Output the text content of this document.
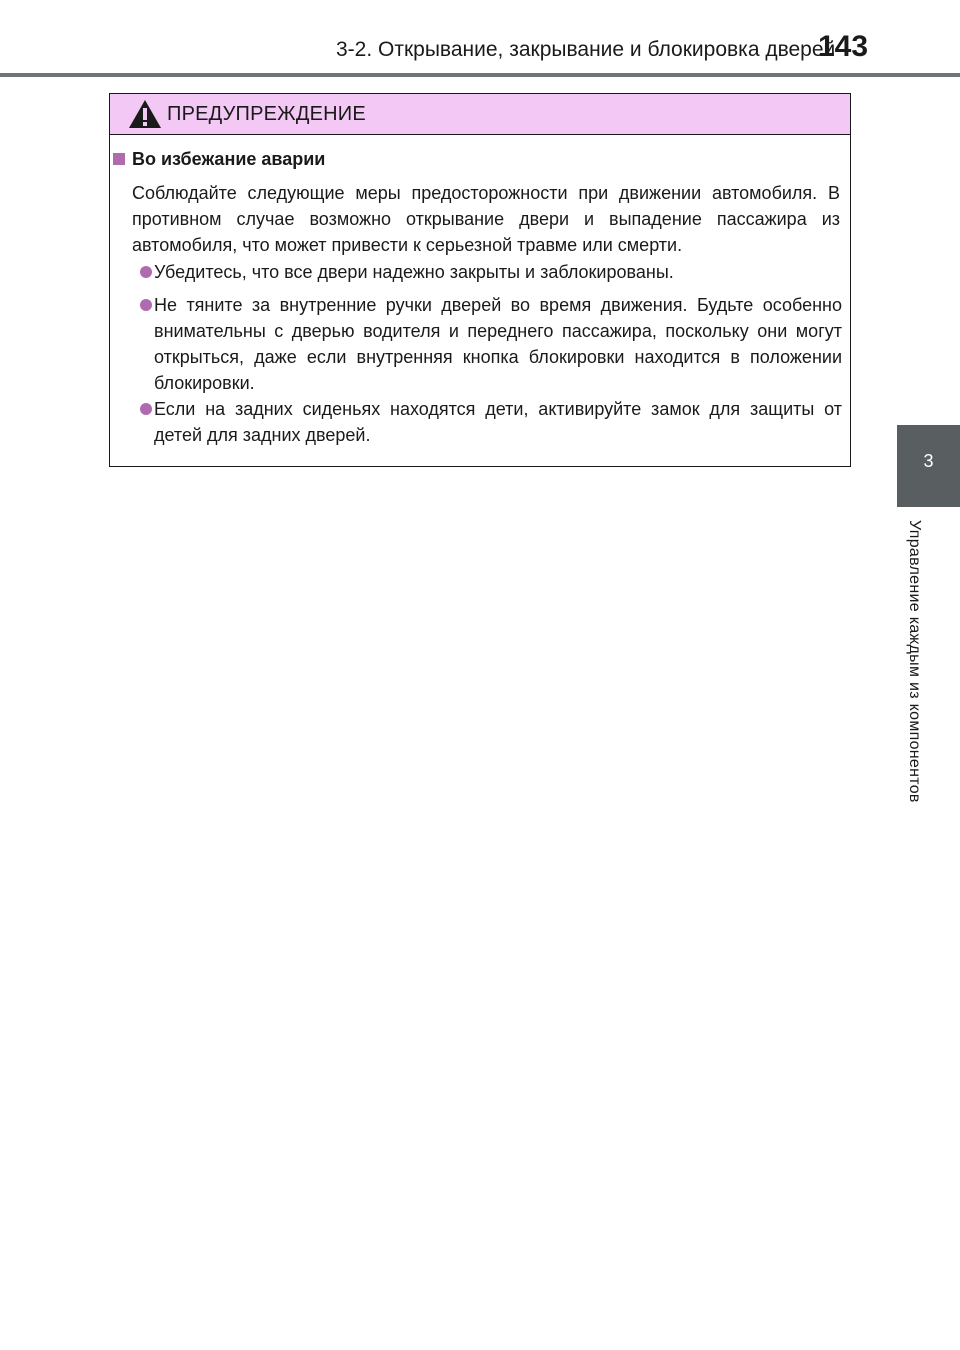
3-2. Открывание, закрывание и блокировка дверей
143
3
Управление каждым из компонентов
ПРЕДУПРЕЖДЕНИЕ
Во избежание аварии
Соблюдайте следующие меры предосторожности при движении автомобиля. В противном случае возможно открывание двери и выпадение пассажира из автомобиля, что может привести к серьезной травме или смерти.
Убедитесь, что все двери надежно закрыты и заблокированы.
Не тяните за внутренние ручки дверей во время движения. Будьте особенно внимательны с дверью водителя и переднего пассажира, поскольку они могут открыться, даже если внутренняя кнопка блокировки находится в положении блокировки.
Если на задних сиденьях находятся дети, активируйте замок для защиты от детей для задних дверей.
